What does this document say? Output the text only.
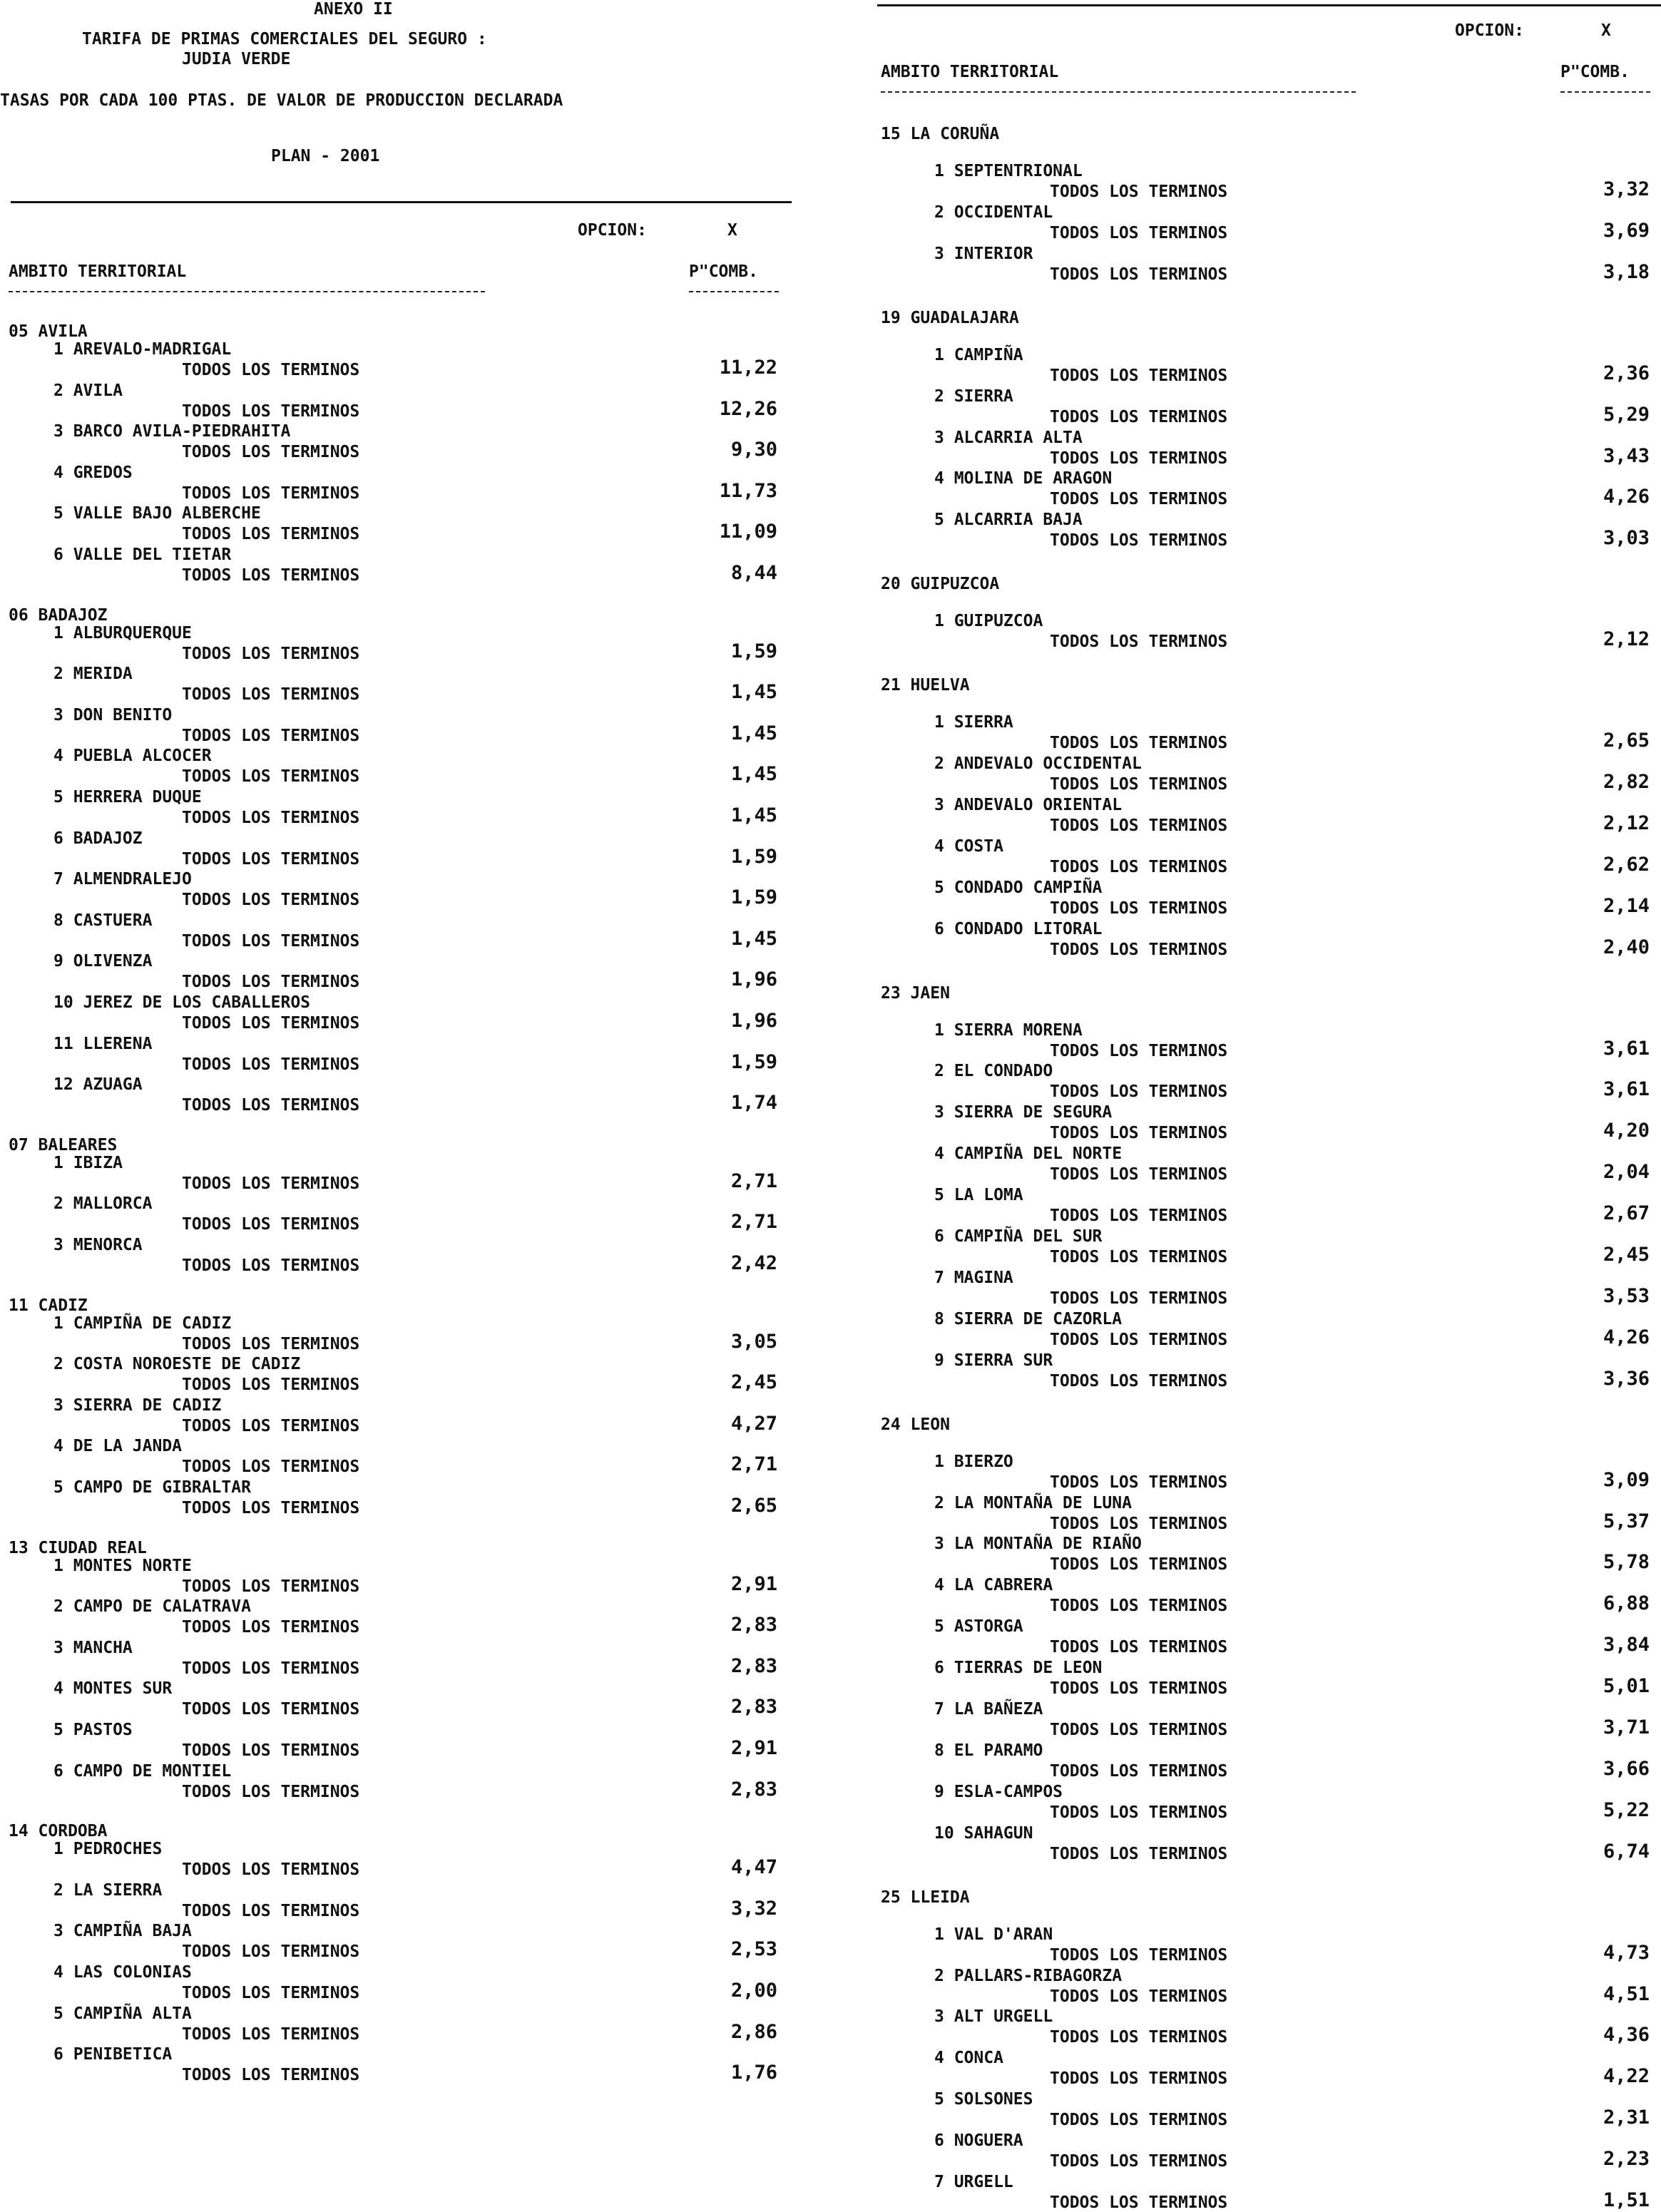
ANEXO II
TARIFA DE PRIMAS COMERCIALES DEL SEGURO :
JUDIA VERDE
TASAS POR CADA 100 PTAS. DE VALOR DE PRODUCCION DECLARADA
PLAN - 2001
OPCION:	X
AMBITO TERRITORIAL	P"COMB.
05 AVILA
1 AREVALO-MADRIGAL
TODOS LOS TERMINOS	11,22
2 AVILA
TODOS LOS TERMINOS	12,26
3 BARCO AVILA-PIEDRAHITA
TODOS LOS TERMINOS	9,30
4 GREDOS
TODOS LOS TERMINOS	11,73
5 VALLE BAJO ALBERCHE
TODOS LOS TERMINOS	11,09
6 VALLE DEL TIETAR
TODOS LOS TERMINOS	8,44
06 BADAJOZ
1 ALBURQUERQUE
TODOS LOS TERMINOS	1,59
2 MERIDA
TODOS LOS TERMINOS	1,45
3 DON BENITO
TODOS LOS TERMINOS	1,45
4 PUEBLA ALCOCER
TODOS LOS TERMINOS	1,45
5 HERRERA DUQUE
TODOS LOS TERMINOS	1,45
6 BADAJOZ
TODOS LOS TERMINOS	1,59
7 ALMENDRALEJO
TODOS LOS TERMINOS	1,59
8 CASTUERA
TODOS LOS TERMINOS	1,45
9 OLIVENZA
TODOS LOS TERMINOS	1,96
10 JEREZ DE LOS CABALLEROS
TODOS LOS TERMINOS	1,96
11 LLERENA
TODOS LOS TERMINOS	1,59
12 AZUAGA
TODOS LOS TERMINOS	1,74
07 BALEARES
1 IBIZA
TODOS LOS TERMINOS	2,71
2 MALLORCA
TODOS LOS TERMINOS	2,71
3 MENORCA
TODOS LOS TERMINOS	2,42
11 CADIZ
1 CAMPIÑA DE CADIZ
TODOS LOS TERMINOS	3,05
2 COSTA NOROESTE DE CADIZ
TODOS LOS TERMINOS	2,45
3 SIERRA DE CADIZ
TODOS LOS TERMINOS	4,27
4 DE LA JANDA
TODOS LOS TERMINOS	2,71
5 CAMPO DE GIBRALTAR
TODOS LOS TERMINOS	2,65
13 CIUDAD REAL
1 MONTES NORTE
TODOS LOS TERMINOS	2,91
2 CAMPO DE CALATRAVA
TODOS LOS TERMINOS	2,83
3 MANCHA
TODOS LOS TERMINOS	2,83
4 MONTES SUR
TODOS LOS TERMINOS	2,83
5 PASTOS
TODOS LOS TERMINOS	2,91
6 CAMPO DE MONTIEL
TODOS LOS TERMINOS	2,83
14 CORDOBA
1 PEDROCHES
TODOS LOS TERMINOS	4,47
2 LA SIERRA
TODOS LOS TERMINOS	3,32
3 CAMPIÑA BAJA
TODOS LOS TERMINOS	2,53
4 LAS COLONIAS
TODOS LOS TERMINOS	2,00
5 CAMPIÑA ALTA
TODOS LOS TERMINOS	2,86
6 PENIBETICA
TODOS LOS TERMINOS	1,76
OPCION:	X
AMBITO TERRITORIAL	P"COMB.
15 LA CORUÑA
1 SEPTENTRIONAL
TODOS LOS TERMINOS	3,32
2 OCCIDENTAL
TODOS LOS TERMINOS	3,69
3 INTERIOR
TODOS LOS TERMINOS	3,18
19 GUADALAJARA
1 CAMPIÑA
TODOS LOS TERMINOS	2,36
2 SIERRA
TODOS LOS TERMINOS	5,29
3 ALCARRIA ALTA
TODOS LOS TERMINOS	3,43
4 MOLINA DE ARAGON
TODOS LOS TERMINOS	4,26
5 ALCARRIA BAJA
TODOS LOS TERMINOS	3,03
20 GUIPUZCOA
1 GUIPUZCOA
TODOS LOS TERMINOS	2,12
21 HUELVA
1 SIERRA
TODOS LOS TERMINOS	2,65
2 ANDEVALO OCCIDENTAL
TODOS LOS TERMINOS	2,82
3 ANDEVALO ORIENTAL
TODOS LOS TERMINOS	2,12
4 COSTA
TODOS LOS TERMINOS	2,62
5 CONDADO CAMPIÑA
TODOS LOS TERMINOS	2,14
6 CONDADO LITORAL
TODOS LOS TERMINOS	2,40
23 JAEN
1 SIERRA MORENA
TODOS LOS TERMINOS	3,61
2 EL CONDADO
TODOS LOS TERMINOS	3,61
3 SIERRA DE SEGURA
TODOS LOS TERMINOS	4,20
4 CAMPIÑA DEL NORTE
TODOS LOS TERMINOS	2,04
5 LA LOMA
TODOS LOS TERMINOS	2,67
6 CAMPIÑA DEL SUR
TODOS LOS TERMINOS	2,45
7 MAGINA
TODOS LOS TERMINOS	3,53
8 SIERRA DE CAZORLA
TODOS LOS TERMINOS	4,26
9 SIERRA SUR
TODOS LOS TERMINOS	3,36
24 LEON
1 BIERZO
TODOS LOS TERMINOS	3,09
2 LA MONTAÑA DE LUNA
TODOS LOS TERMINOS	5,37
3 LA MONTAÑA DE RIAÑO
TODOS LOS TERMINOS	5,78
4 LA CABRERA
TODOS LOS TERMINOS	6,88
5 ASTORGA
TODOS LOS TERMINOS	3,84
6 TIERRAS DE LEON
TODOS LOS TERMINOS	5,01
7 LA BAÑEZA
TODOS LOS TERMINOS	3,71
8 EL PARAMO
TODOS LOS TERMINOS	3,66
9 ESLA-CAMPOS
TODOS LOS TERMINOS	5,22
10 SAHAGUN
TODOS LOS TERMINOS	6,74
25 LLEIDA
1 VAL D'ARAN
TODOS LOS TERMINOS	4,73
2 PALLARS-RIBAGORZA
TODOS LOS TERMINOS	4,51
3 ALT URGELL
TODOS LOS TERMINOS	4,36
4 CONCA
TODOS LOS TERMINOS	4,22
5 SOLSONES
TODOS LOS TERMINOS	2,31
6 NOGUERA
TODOS LOS TERMINOS	2,23
7 URGELL
TODOS LOS TERMINOS	1,51
